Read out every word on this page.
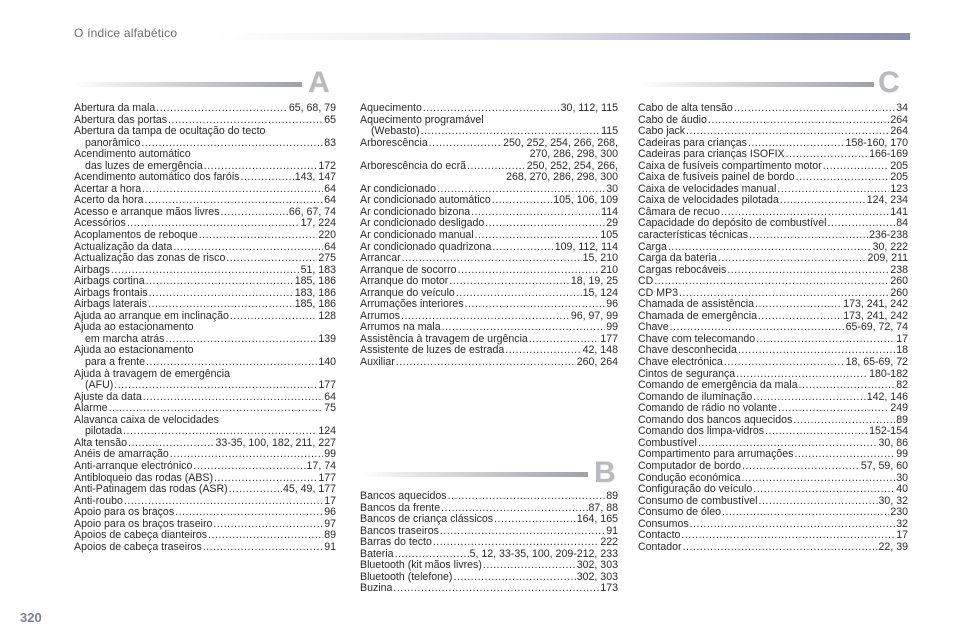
O índice alfabético
A
B
C
Abertura da mala .....	65, 68, 79
Abertura das portas .....	65
Abertura da tampa de ocultação do tecto
panorâmico .....	83
Acendimento automático
das luzes de emergência .....	172
Acendimento automático dos faróis .....	143, 147
Acertar a hora .....	64
Acerto da hora .....	64
Acesso e arranque mãos livres .....	66, 67, 74
Acessórios .....	17, 224
Acoplamentos de reboque .....	220
Actualização da data .....	64
Actualização das zonas de risco .....	275
Airbags .....	51, 183
Airbags cortina .....	185, 186
Airbags frontais .....	183, 186
Airbags laterais .....	185, 186
Ajuda ao arranque em inclinação .....	128
Ajuda ao estacionamento
em marcha atrás .....	139
Ajuda ao estacionamento
para a frente .....	140
Ajuda à travagem de emergência
(AFU) .....	177
Ajuste da data .....	64
Alarme .....	75
Alavanca caixa de velocidades
pilotada .....	124
Alta tensão .....	33-35, 100, 182, 211, 227
Anéis de amarração .....	99
Anti-arranque electrónico .....	17, 74
Antibloqueio das rodas (ABS) .....	177
Anti-Patinagem das rodas (ASR) .....	45, 49, 177
Anti-roubo .....	17
Apoio para os braços .....	96
Apoio para os braços traseiro .....	97
Apoios de cabeça dianteiros .....	89
Apoios de cabeça traseiros .....	91
Aquecimento .....	30, 112, 115
Aquecimento programável
(Webasto) .....	115
Arborescência .....	250, 252, 254, 266, 268,
270, 286, 298, 300
Arborescência do ecrã .....	250, 252, 254, 266,
268, 270, 286, 298, 300
Ar condicionado .....	30
Ar condicionado automático .....	105, 106, 109
Ar condicionado bizona .....	114
Ar condicionado desligado .....	29
Ar condicionado manual .....	105
Ar condicionado quadrizona .....	109, 112, 114
Arrancar .....	15, 210
Arranque de socorro .....	210
Arranque do motor .....	18, 19, 25
Arranque do veículo .....	15, 124
Arrumações interiores .....	96
Arrumos .....	96, 97, 99
Arrumos na mala .....	99
Assistência à travagem de urgência .....	177
Assistente de luzes de estrada .....	42, 148
Auxiliar .....	260, 264
Bancos aquecidos .....	89
Bancos da frente .....	87, 88
Bancos de criança clássicos .....	164, 165
Bancos traseiros .....	91
Barras do tecto .....	222
Bateria .....	5, 12, 33-35, 100, 209-212, 233
Bluetooth (kit mãos livres) .....	302, 303
Bluetooth (telefone) .....	302, 303
Buzina .....	173
Cabo de alta tensão .....	34
Cabo de áudio .....	264
Cabo jack .....	264
Cadeiras para crianças .....	158-160, 170
Cadeiras para crianças ISOFIX .....	166-169
Caixa de fusíveis compartimento motor .....	205
Caixa de fusíveis painel de bordo .....	205
Caixa de velocidades manual .....	123
Caixa de velocidades pilotada .....	124, 234
Câmara de recuo .....	141
Capacidade do depósito de combustível .....	84
características técnicas .....	236-238
Carga .....	30, 222
Carga da bateria .....	209, 211
Cargas rebocáveis .....	238
CD .....	260
CD MP3 .....	260
Chamada de assistência .....	173, 241, 242
Chamada de emergência .....	173, 241, 242
Chave .....	65-69, 72, 74
Chave com telecomando .....	17
Chave desconhecida .....	18
Chave electrónica .....	18, 65-69, 72
Cintos de segurança .....	180-182
Comando de emergência da mala .....	82
Comando de iluminação .....	142, 146
Comando de rádio no volante .....	249
Comando dos bancos aquecidos .....	89
Comando dos limpa-vidros .....	152-154
Combustível .....	30, 86
Compartimento para arrumações .....	99
Computador de bordo .....	57, 59, 60
Condução económica .....	30
Configuração do veículo .....	40
Consumo de combustível .....	30, 32
Consumo de óleo .....	230
Consumos .....	32
Contacto .....	17
Contador .....	22, 39
320
